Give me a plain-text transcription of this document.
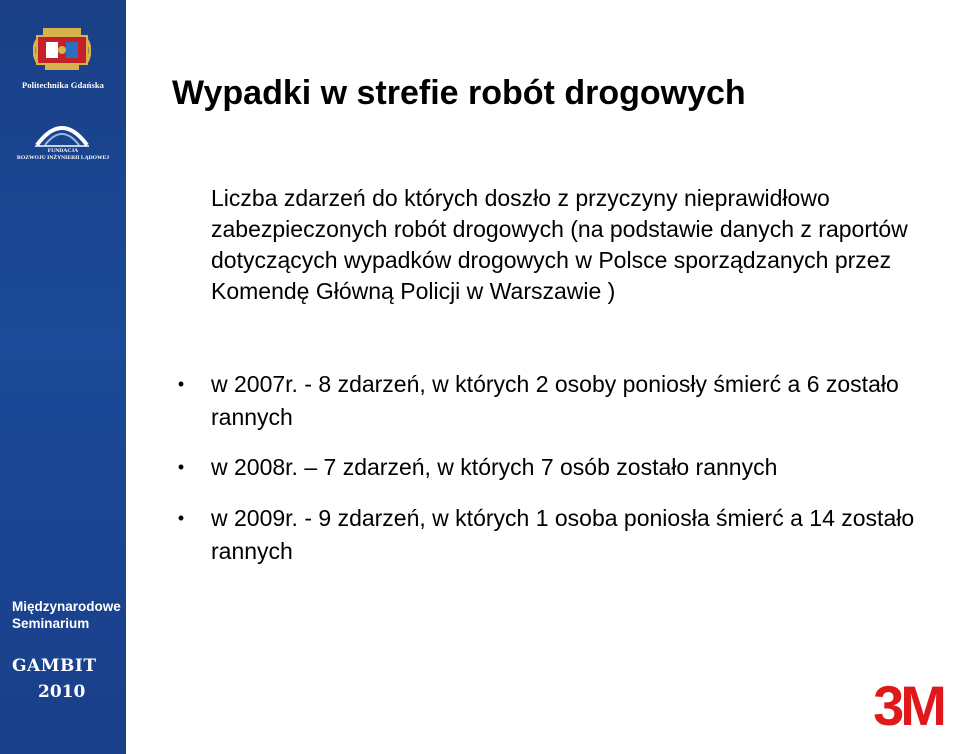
Politechnika Gdańska
FUNDACJA
ROZWOJU INŻYNIERII LĄDOWEJ
Międzynarodowe
Seminarium
GAMBIT
2010
Wypadki w strefie robót drogowych
Liczba zdarzeń do których doszło z przyczyny nieprawidłowo zabezpieczonych robót drogowych (na podstawie danych z raportów dotyczących wypadków drogowych w Polsce sporządzanych przez Komendę Główną Policji w Warszawie )
•	w 2007r. - 8 zdarzeń, w których 2 osoby poniosły śmierć a 6 zostało rannych
•	w 2008r. – 7 zdarzeń, w których 7 osób zostało rannych
•	w 2009r. - 9 zdarzeń, w których 1 osoba poniosła śmierć a 14 zostało rannych
3M
